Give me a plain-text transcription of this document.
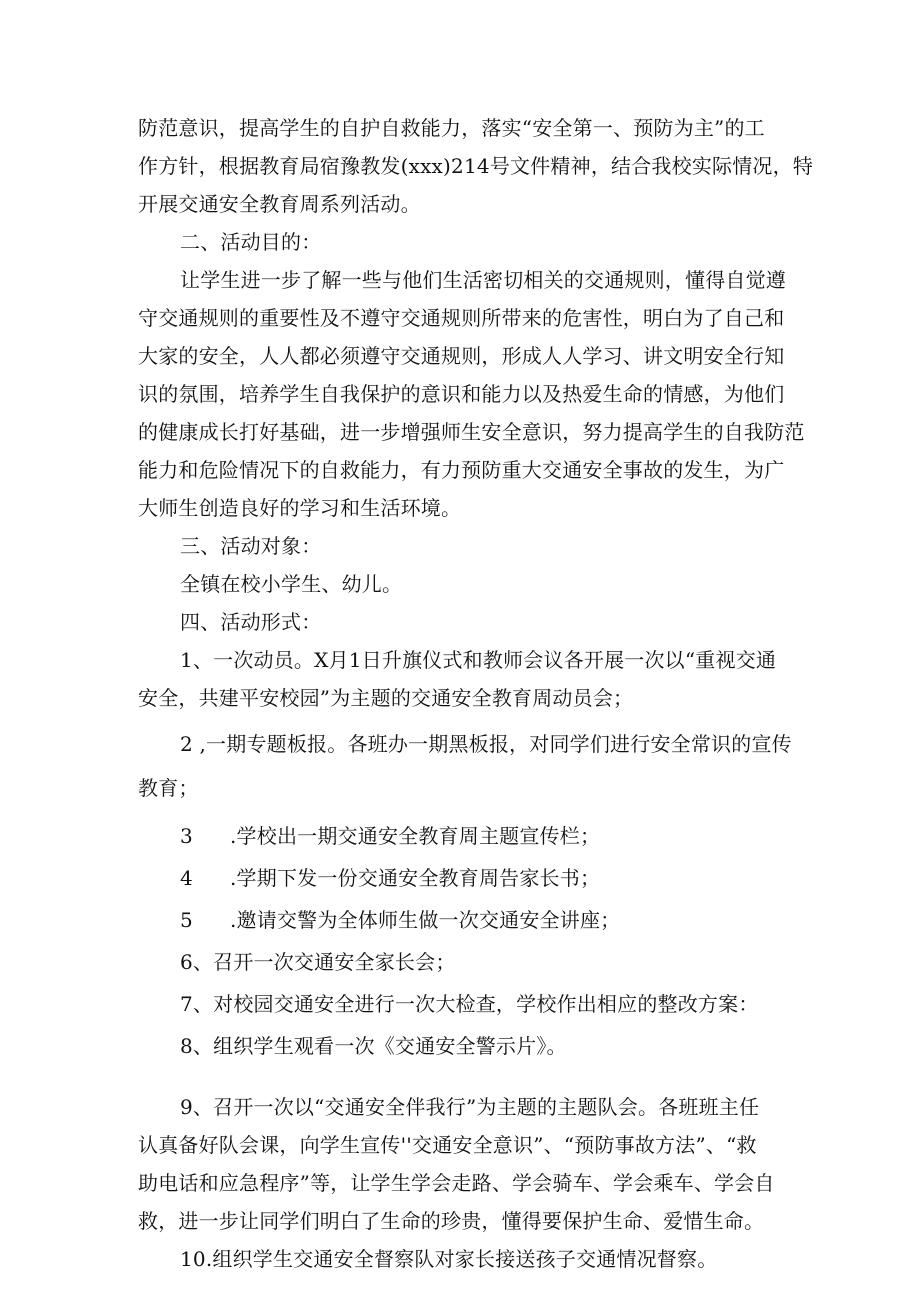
防范意识，提高学生的自护自救能力，落实“安全第一、预防为主”的工
作方针，根据教育局宿豫教发(xxx)214号文件精神，结合我校实际情况，特
开展交通安全教育周系列活动。
二、活动目的：
让学生进一步了解一些与他们生活密切相关的交通规则，懂得自觉遵
守交通规则的重要性及不遵守交通规则所带来的危害性，明白为了自己和
大家的安全，人人都必须遵守交通规则，形成人人学习、讲文明安全行知
识的氛围，培养学生自我保护的意识和能力以及热爱生命的情感，为他们
的健康成长打好基础，进一步增强师生安全意识，努力提高学生的自我防范
能力和危险情况下的自救能力，有力预防重大交通安全事故的发生，为广
大师生创造良好的学习和生活环境。
三、活动对象：
全镇在校小学生、幼儿。
四、活动形式：
1、一次动员。X月1日升旗仪式和教师会议各开展一次以“重视交通
安全，共建平安校园”为主题的交通安全教育周动员会；
2 ,一期专题板报。各班办一期黑板报，对同学们进行安全常识的宣传
教育；
3	.学校出一期交通安全教育周主题宣传栏；
4	.学期下发一份交通安全教育周告家长书；
5	.邀请交警为全体师生做一次交通安全讲座；
6、召开一次交通安全家长会；
7、对校园交通安全进行一次大检查，学校作出相应的整改方案：
8、组织学生观看一次《交通安全警示片》。
9、召开一次以“交通安全伴我行”为主题的主题队会。各班班主任
认真备好队会课，向学生宣传''交通安全意识”、“预防事故方法”、“救
助电话和应急程序”等，让学生学会走路、学会骑车、学会乘车、学会自
救，进一步让同学们明白了生命的珍贵，懂得要保护生命、爱惜生命。
10.组织学生交通安全督察队对家长接送孩子交通情况督察。
